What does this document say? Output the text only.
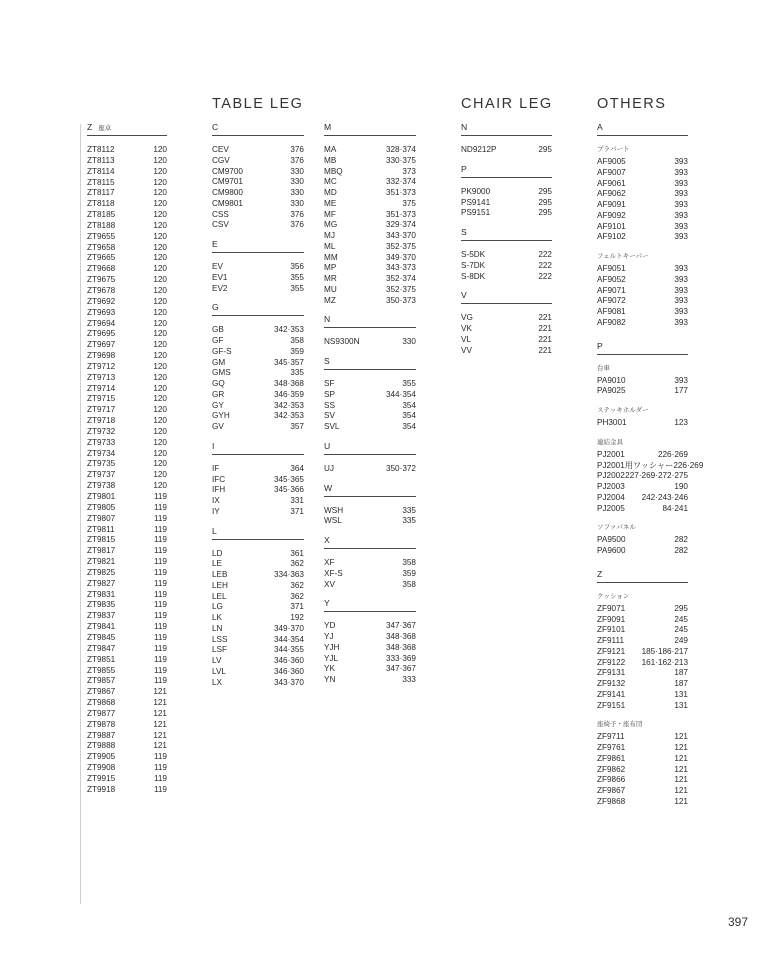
TABLE LEG	CHAIR LEG	OTHERS
Z 座卓
ZT8112	120
ZT8113	120
ZT8114	120
ZT8115	120
ZT8117	120
ZT8118	120
ZT8185	120
ZT8188	120
ZT9655	120
ZT9658	120
ZT9665	120
ZT9668	120
ZT9675	120
ZT9678	120
ZT9692	120
ZT9693	120
ZT9694	120
ZT9695	120
ZT9697	120
ZT9698	120
ZT9712	120
ZT9713	120
ZT9714	120
ZT9715	120
ZT9717	120
ZT9718	120
ZT9732	120
ZT9733	120
ZT9734	120
ZT9735	120
ZT9737	120
ZT9738	120
ZT9801	119
ZT9805	119
ZT9807	119
ZT9811	119
ZT9815	119
ZT9817	119
ZT9821	119
ZT9825	119
ZT9827	119
ZT9831	119
ZT9835	119
ZT9837	119
ZT9841	119
ZT9845	119
ZT9847	119
ZT9851	119
ZT9855	119
ZT9857	119
ZT9867	121
ZT9868	121
ZT9877	121
ZT9878	121
ZT9887	121
ZT9888	121
ZT9905	119
ZT9908	119
ZT9915	119
ZT9918	119
C
CEV	376
CGV	376
CM9700	330
CM9701	330
CM9800	330
CM9801	330
CSS	376
CSV	376
E
EV	356
EV1	355
EV2	355
G
GB	342·353
GF	358
GF-S	359
GM	345·357
GMS	335
GQ	348·368
GR	346·359
GY	342·353
GYH	342·353
GV	357
I
IF	364
IFC	345·365
IFH	345·366
IX	331
IY	371
L
LD	361
LE	362
LEB	334·363
LEH	362
LEL	362
LG	371
LK	192
LN	349·370
LSS	344·354
LSF	344·355
LV	346·360
LVL	346·360
LX	343·370
M
MA	328·374
MB	330·375
MBQ	373
MC	332·374
MD	351·373
ME	375
MF	351·373
MG	329·374
MJ	343·370
ML	352·375
MM	349·370
MP	343·373
MR	352·374
MU	352·375
MZ	350·373
N
NS9300N	330
S
SF	355
SP	344·354
SS	354
SV	354
SVL	354
U
UJ	350·372
W
WSH	335
WSL	335
X
XF	358
XF-S	359
XV	358
Y
YD	347·367
YJ	348·368
YJH	348·368
YJL	333·369
YK	347·367
YN	333
N
ND9212P	295
P
PK9000	295
PS9141	295
PS9151	295
S
S-5DK	222
S-7DK	222
S-8DK	222
V
VG	221
VK	221
VL	221
VV	221
A
プラバート
AF9005	393
AF9007	393
AF9061	393
AF9062	393
AF9091	393
AF9092	393
AF9101	393
AF9102	393
フェルトキーパー
AF9051	393
AF9052	393
AF9071	393
AF9072	393
AF9081	393
AF9082	393
P
台車
PA9010	393
PA9025	177
ステッキホルダー
PH3001	123
連結金具
PJ2001	226·269
PJ2001用ワッシャー 226·269
PJ2002 227·269·272·275
PJ2003	190
PJ2004 242·243·246
PJ2005	84·241
ソファパネル
PA9500	282
PA9600	282
Z
クッション
ZF9071	295
ZF9091	245
ZF9101	245
ZF9111	249
ZF9121 185·186·217
ZF9122 161·162·213
ZF9131	187
ZF9132	187
ZF9141	131
ZF9151	131
座椅子・座布団
ZF9711	121
ZF9761	121
ZF9861	121
ZF9862	121
ZF9866	121
ZF9867	121
ZF9868	121
397
